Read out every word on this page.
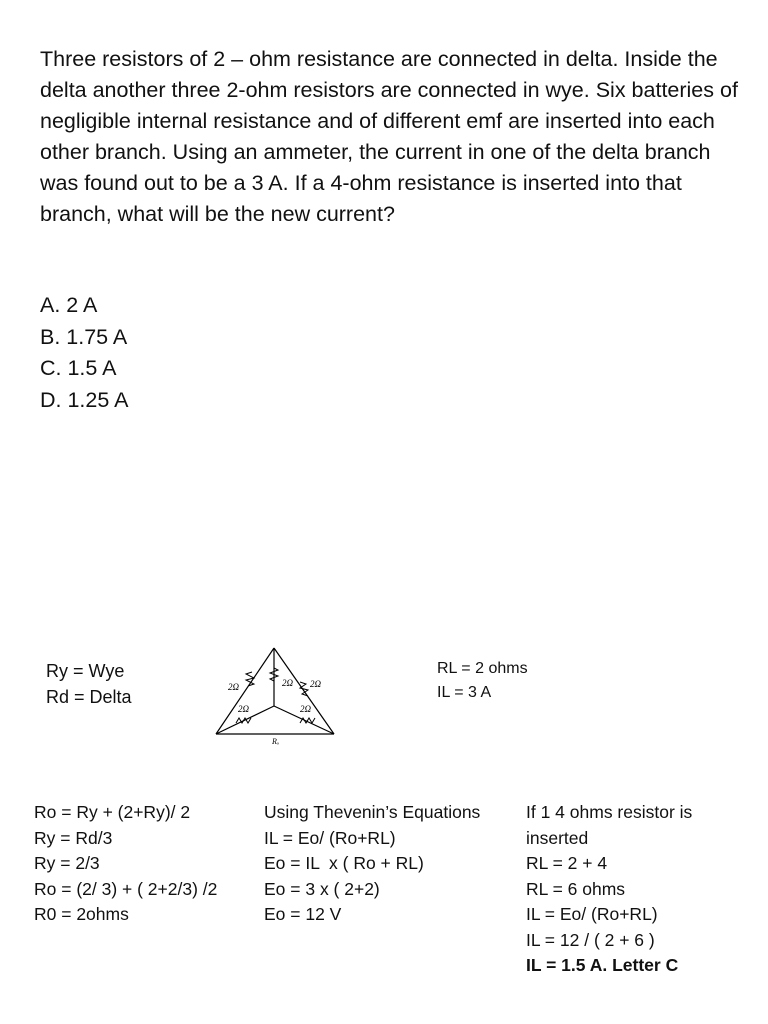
Three resistors of 2 – ohm resistance are connected in delta. Inside the delta another three 2-ohm resistors are connected in wye. Six batteries of negligible internal resistance and of different emf are inserted into each other branch. Using an ammeter, the current in one of the delta branch was found out to be a 3 A. If a 4-ohm resistance is inserted into that branch, what will be the new current?

A. 2 A
B. 1.75 A
C. 1.5 A
D. 1.25 A
Ry = Wye
Rd = Delta	2Ω	2Ω 2Ω
2Ω	2Ω
Rₒ
RL = 2 ohms
IL = 3 A
Ro = Ry + (2+Ry)/ 2
Ry = Rd/3
Ry = 2/3
Ro = (2/ 3) + ( 2+2/3) /2
R0 = 2ohms
Using Thevenin’s Equations
IL = Eo/ (Ro+RL)
Eo = IL  x ( Ro + RL)
Eo = 3 x ( 2+2)
Eo = 12 V
If 1 4 ohms resistor is
inserted
RL = 2 + 4
RL = 6 ohms
IL = Eo/ (Ro+RL)
IL = 12 / ( 2 + 6 )
IL = 1.5 A. Letter C
